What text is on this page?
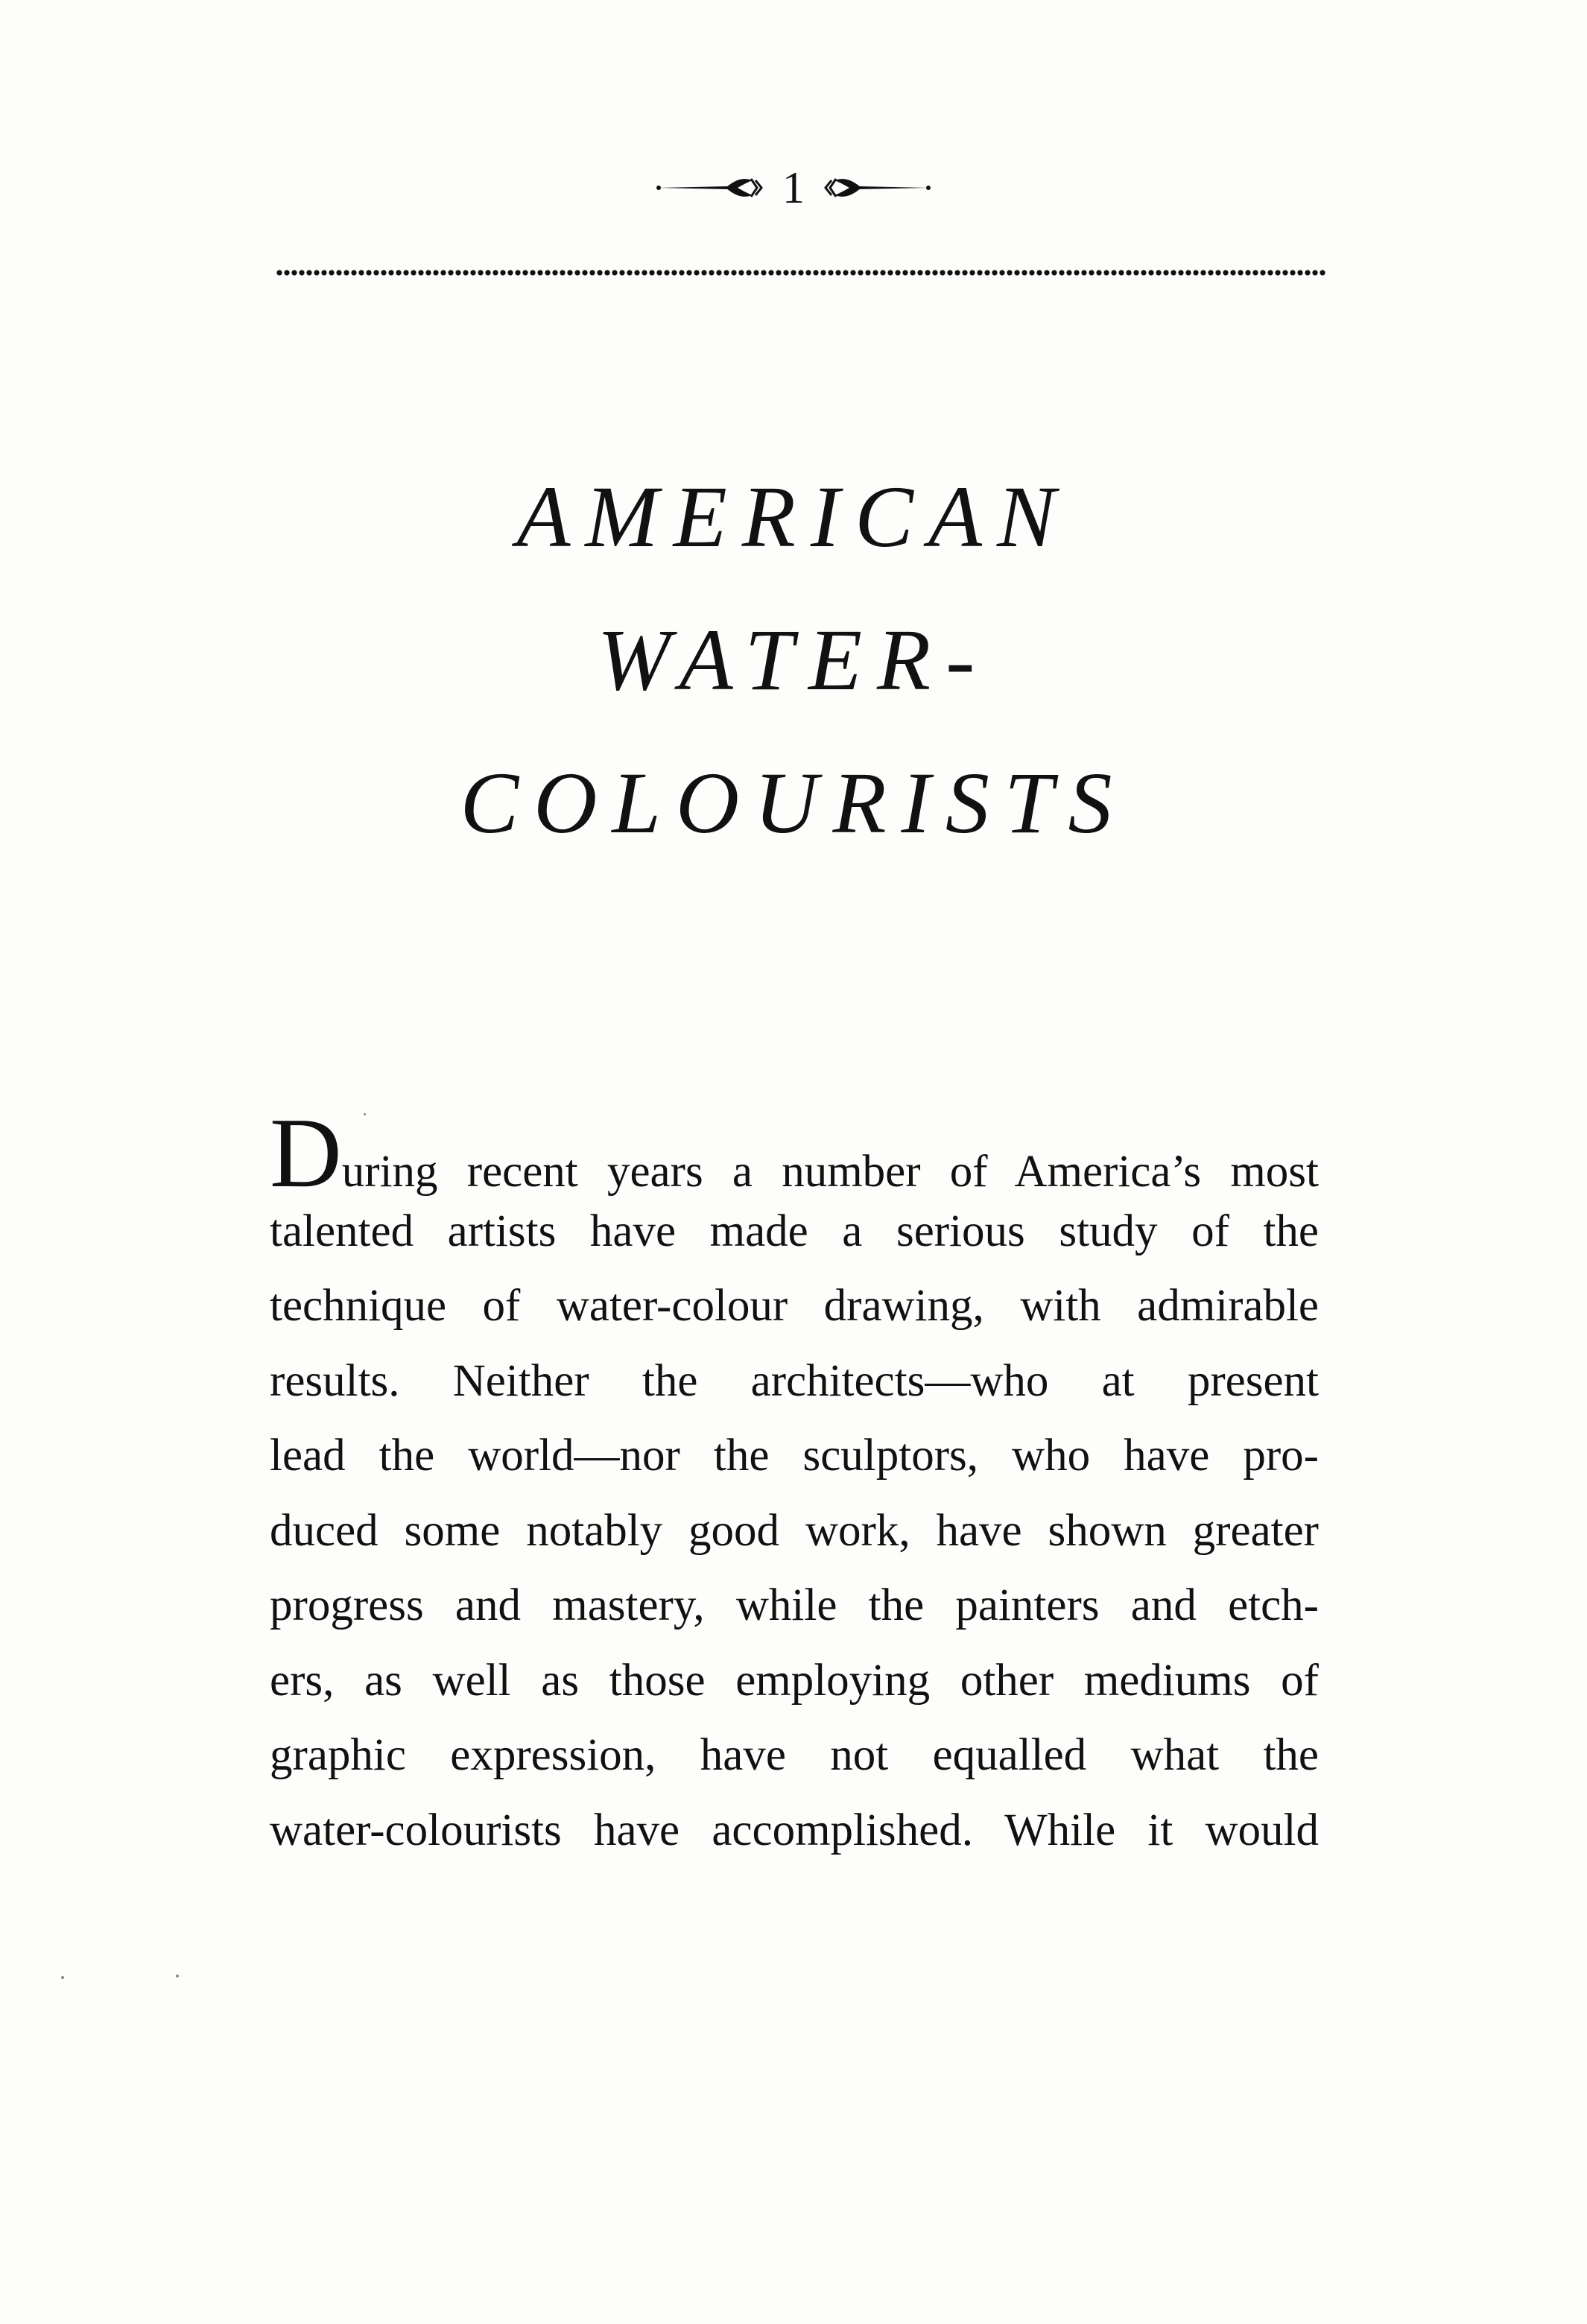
1
AMERICAN
WATER-
COLOURISTS
During recent years a number of America’s most
talented artists have made a serious study of the
technique of water-colour drawing, with admirable
results. Neither the architects—who at present
lead the world—nor the sculptors, who have pro-
duced some notably good work, have shown greater
progress and mastery, while the painters and etch-
ers, as well as those employing other mediums of
graphic expression, have not equalled what the
water-colourists have accomplished. While it would
